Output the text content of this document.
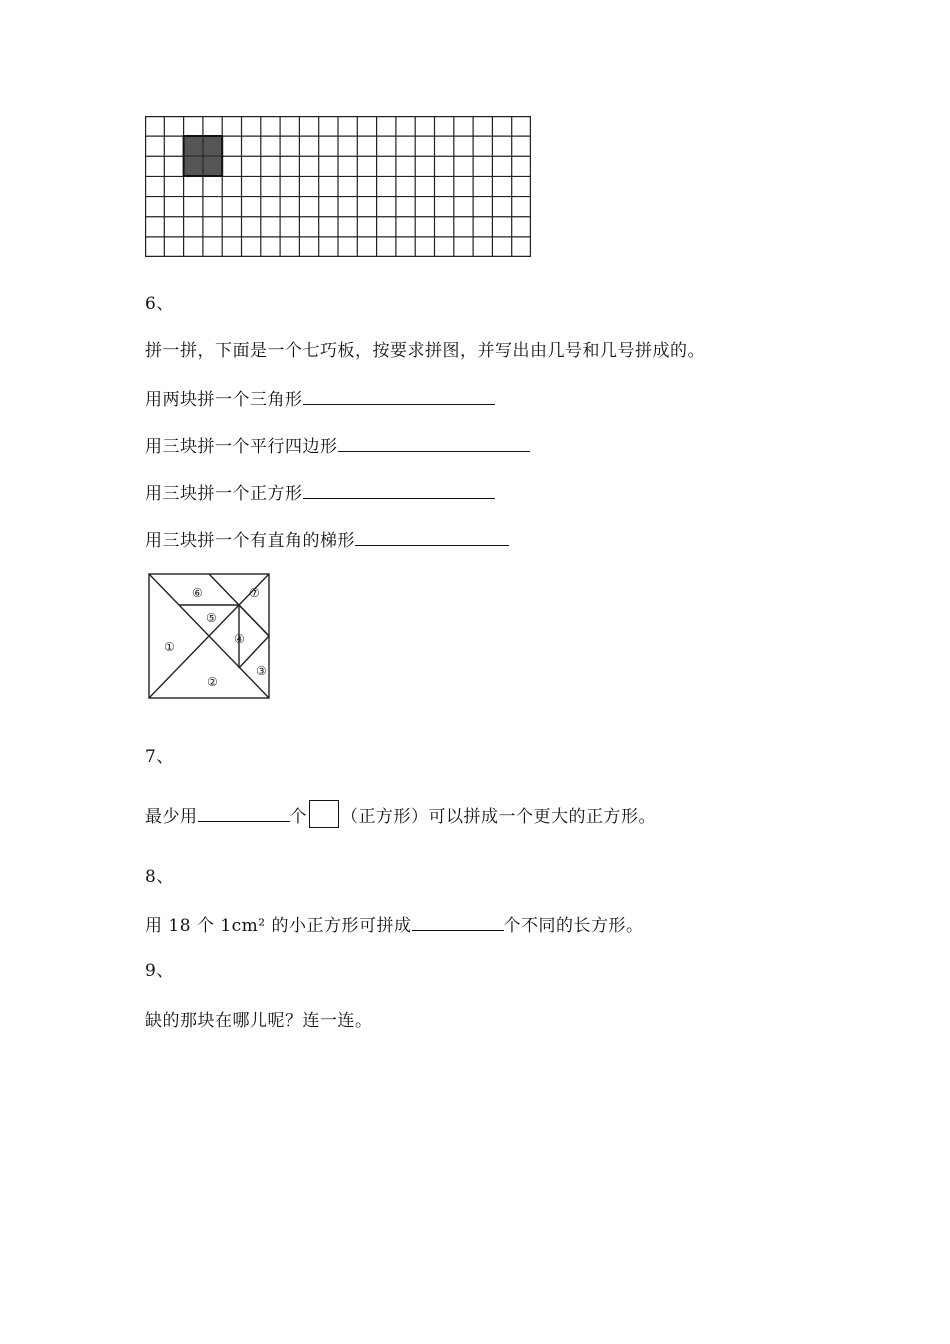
6、
拼一拼，下面是一个七巧板，按要求拼图，并写出由几号和几号拼成的。
用两块拼一个三角形
用三块拼一个平行四边形
用三块拼一个正方形
用三块拼一个有直角的梯形
①
②
③
④
⑤
⑥	⑦
7、
最少用	个 （正方形）可以拼成一个更大的正方形。
8、
用 18 个 1cm² 的小正方形可拼成	个不同的长方形。
9、
缺的那块在哪儿呢？连一连。
